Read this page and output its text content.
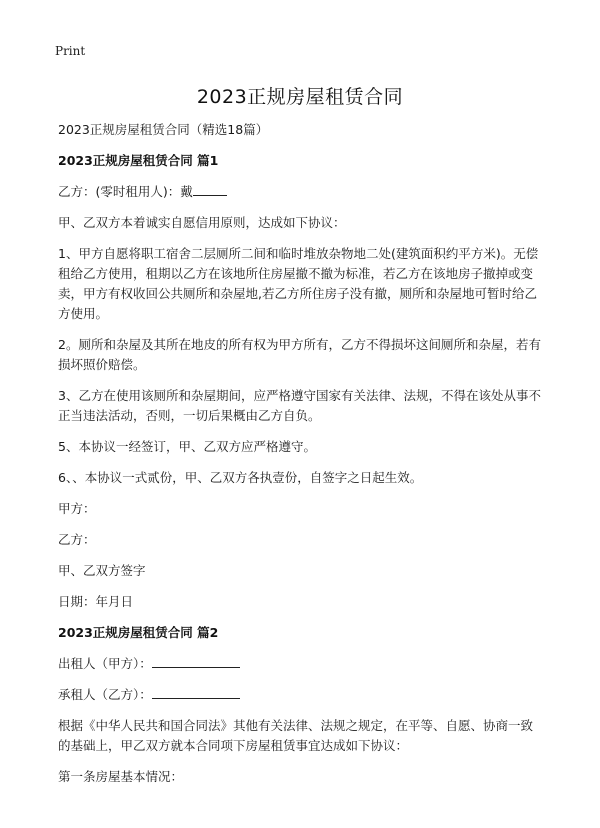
Print
2023正规房屋租赁合同

2023正规房屋租赁合同（精选18篇）

2023正规房屋租赁合同 篇1

乙方：(零时租用人)：戴

甲、乙双方本着诚实自愿信用原则，达成如下协议：

1、甲方自愿将职工宿舍二层厕所二间和临时堆放杂物地二处(建筑面积约平方米)。无偿租给乙方使用，租期以乙方在该地所住房屋撤不撤为标准，若乙方在该地房子撤掉或变卖，甲方有权收回公共厕所和杂屋地,若乙方所住房子没有撤，厕所和杂屋地可暂时给乙方使用。

2。厕所和杂屋及其所在地皮的所有权为甲方所有，乙方不得损坏这间厕所和杂屋，若有损坏照价赔偿。

3、乙方在使用该厕所和杂屋期间，应严格遵守国家有关法律、法规，不得在该处从事不正当违法活动，否则，一切后果概由乙方自负。

5、本协议一经签订，甲、乙双方应严格遵守。

6、、本协议一式贰份，甲、乙双方各执壹份，自签字之日起生效。

甲方：

乙方：

甲、乙双方签字

日期：年月日

2023正规房屋租赁合同 篇2

出租人（甲方）：

承租人（乙方）：

根据《中华人民共和国合同法》其他有关法律、法规之规定，在平等、自愿、协商一致的基础上，甲乙双方就本合同项下房屋租赁事宜达成如下协议：

第一条房屋基本情况：
